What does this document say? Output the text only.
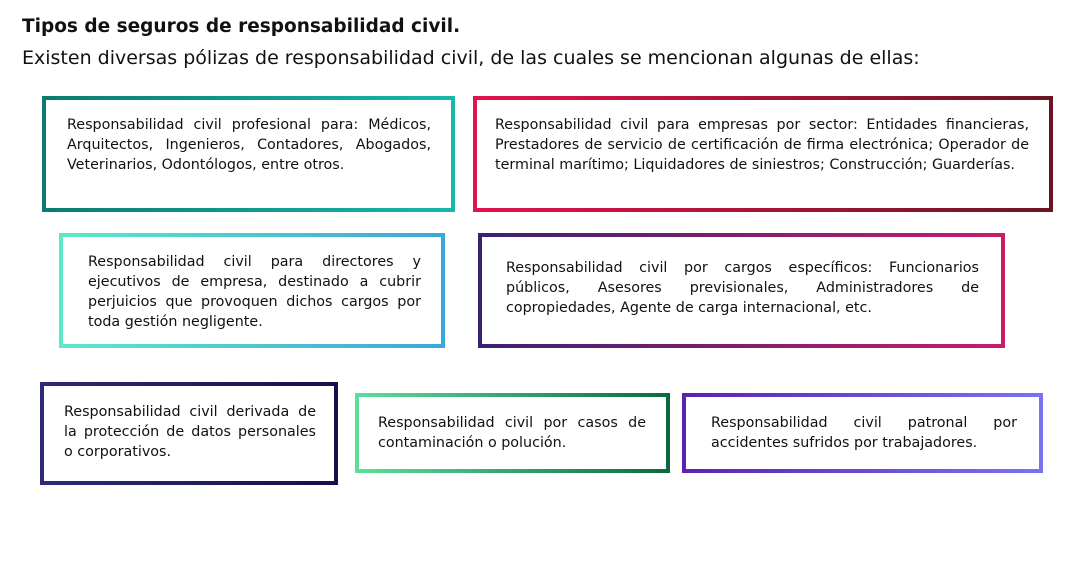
Tipos de seguros de responsabilidad civil.

Existen diversas pólizas de responsabilidad civil, de las cuales se mencionan algunas de ellas:

Responsabilidad civil profesional para: Médicos, Arquitectos, Ingenieros, Contadores, Abogados, Veterinarios, Odontólogos, entre otros.

Responsabilidad civil para empresas por sector: Entidades financieras, Prestadores de servicio de certificación de firma electrónica; Operador de terminal marítimo; Liquidadores de siniestros; Construcción; Guarderías.

Responsabilidad civil para directores y ejecutivos de empresa, destinado a cubrir perjuicios que provoquen dichos cargos por toda gestión negligente.

Responsabilidad civil por cargos específicos: Funcionarios públicos, Asesores previsionales, Administradores de copropiedades, Agente de carga internacional, etc.

Responsabilidad civil derivada de la protección de datos personales o corporativos.

Responsabilidad civil por casos de contaminación o polución.

Responsabilidad civil patronal por accidentes sufridos por trabajadores.
